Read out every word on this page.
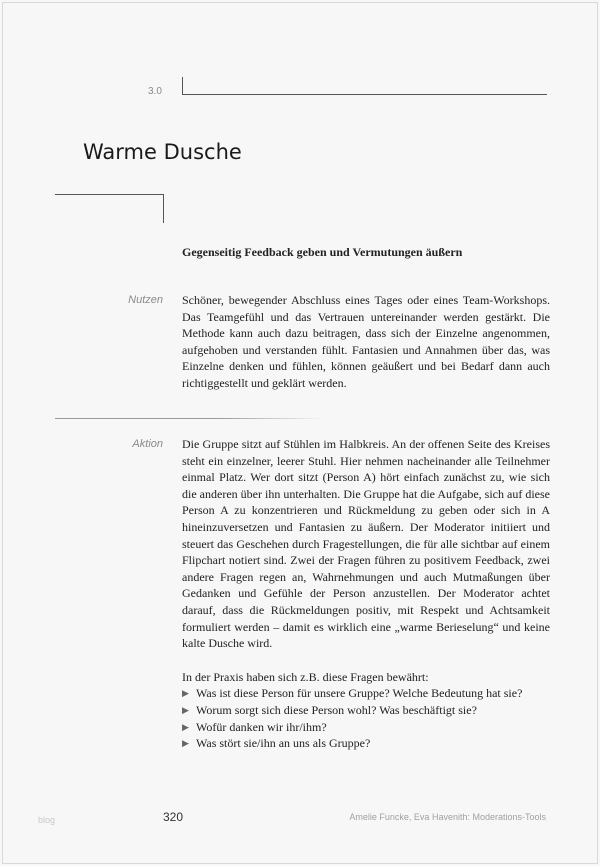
3.0
Warme Dusche
Gegenseitig Feedback geben und Vermutungen äußern
Nutzen Schöner, bewegender Abschluss eines Tages oder eines Team-Workshops. Das Teamgefühl und das Vertrauen untereinander werden gestärkt. Die Methode kann auch dazu beitragen, dass sich der Einzelne angenommen, aufgehoben und verstanden fühlt. Fantasien und Annahmen über das, was Einzelne denken und fühlen, können geäußert und bei Bedarf dann auch richtiggestellt und geklärt werden.

Aktion Die Gruppe sitzt auf Stühlen im Halbkreis. An der offenen Seite des Kreises steht ein einzelner, leerer Stuhl. Hier nehmen nacheinander alle Teilnehmer einmal Platz. Wer dort sitzt (Person A) hört einfach zunächst zu, wie sich die anderen über ihn unterhalten. Die Gruppe hat die Aufgabe, sich auf diese Person A zu konzentrieren und Rückmeldung zu geben oder sich in A hineinzuversetzen und Fantasien zu äußern. Der Moderator initiiert und steuert das Geschehen durch Fragestellungen, die für alle sichtbar auf einem Flipchart notiert sind. Zwei der Fragen führen zu positivem Feedback, zwei andere Fragen regen an, Wahrnehmungen und auch Mutmaßungen über Gedanken und Gefühle der Person anzustellen. Der Moderator achtet darauf, dass die Rückmeldungen positiv, mit Respekt und Achtsamkeit formuliert werden – damit es wirklich eine „warme Berieselung“ und keine kalte Dusche wird.

In der Praxis haben sich z.B. diese Fragen bewährt:

▶ Was ist diese Person für unsere Gruppe? Welche Bedeutung hat sie?
▶ Worum sorgt sich diese Person wohl? Was beschäftigt sie?
▶ Wofür danken wir ihr/ihm?
▶ Was stört sie/ihn an uns als Gruppe?
blog	320	Amelie Funcke, Eva Havenith: Moderations-Tools
